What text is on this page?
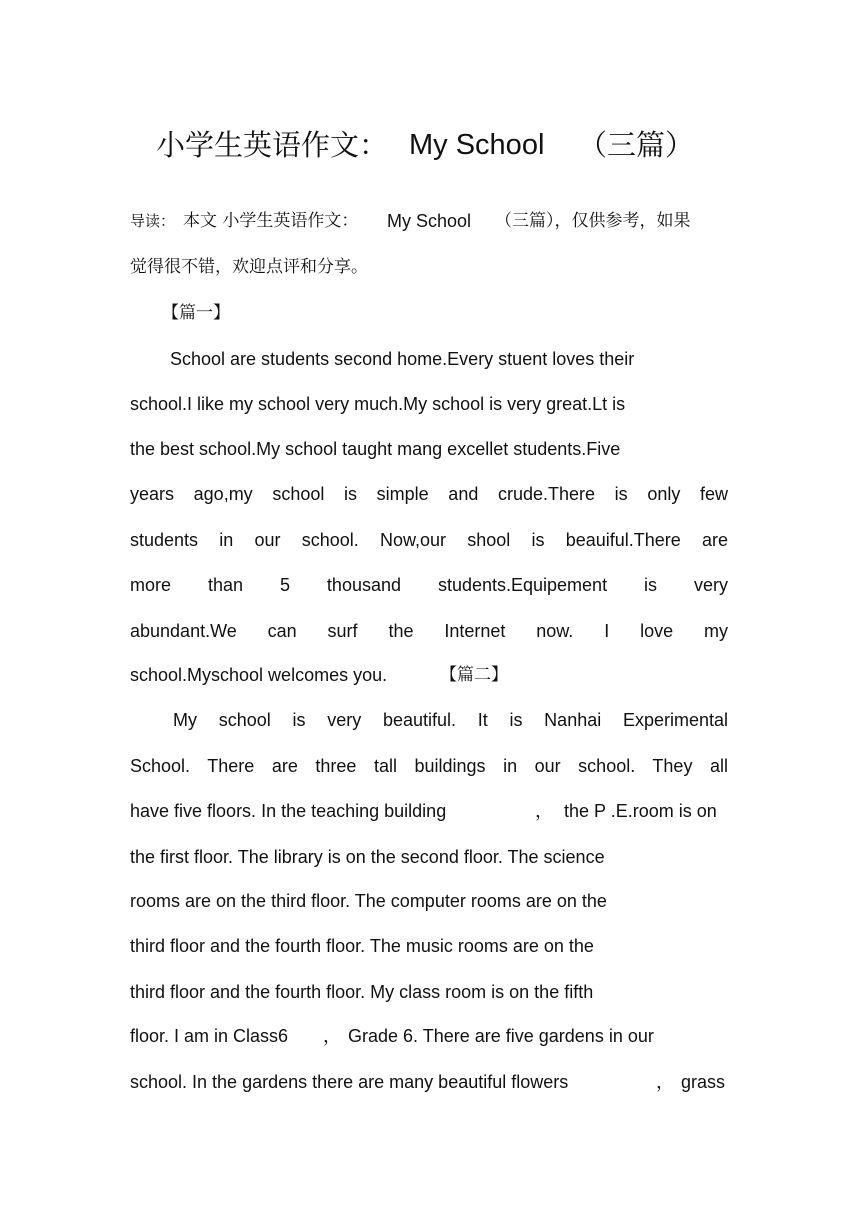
小学生英语作文： My School （三篇）
导读： 本文 小学生英语作文： My School （三篇），仅供参考，如果
觉得很不错，欢迎点评和分享。
【篇一】
School are students second home.Every stuent loves their
school.I like my school very much.My school is very great.Lt is
the best school.My school taught mang excellet students.Five
years ago,my school is simple and crude.There is only few
students in our school. Now,our shool is beauiful.There are
more than 5 thousand students.Equipement is very
abundant.We can surf the Internet now. I love my
school.Myschool welcomes you.	【篇二】
My school is very beautiful. It is Nanhai Experimental
School. There are three tall buildings in our school. They all
have five floors. In the teaching building	， the P .E.room is on
the first floor. The library is on the second floor. The science
rooms are on the third floor. The computer rooms are on the
third floor and the fourth floor. The music rooms are on the
third floor and the fourth floor. My class room is on the fifth
floor. I am in Class6 ， Grade 6. There are five gardens in our
school. In the gardens there are many beautiful flowers	， grass
